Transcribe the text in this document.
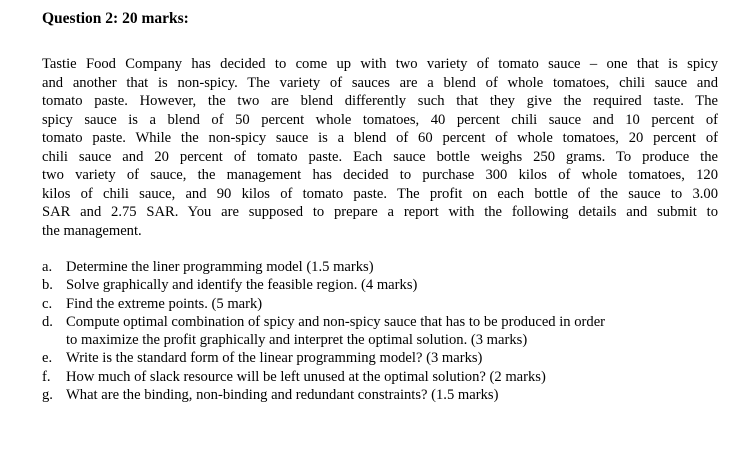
Question 2: 20 marks:
Tastie Food Company has decided to come up with two variety of tomato sauce – one that is spicy
and another that is non-spicy. The variety of sauces are a blend of whole tomatoes, chili sauce and
tomato paste. However, the two are blend differently such that they give the required taste. The
spicy sauce is a blend of 50 percent whole tomatoes, 40 percent chili sauce and 10 percent of
tomato paste. While the non-spicy sauce is a blend of 60 percent of whole tomatoes, 20 percent of
chili sauce and 20 percent of tomato paste. Each sauce bottle weighs 250 grams. To produce the
two variety of sauce, the management has decided to purchase 300 kilos of whole tomatoes, 120
kilos of chili sauce, and 90 kilos of tomato paste. The profit on each bottle of the sauce to 3.00
SAR and 2.75 SAR. You are supposed to prepare a report with the following details and submit to
the management.
a. Determine the liner programming model (1.5 marks)
b. Solve graphically and identify the feasible region. (4 marks)
c. Find the extreme points. (5 mark)
d. Compute optimal combination of spicy and non-spicy sauce that has to be produced in order
to maximize the profit graphically and interpret the optimal solution. (3 marks)
e. Write is the standard form of the linear programming model? (3 marks)
f. How much of slack resource will be left unused at the optimal solution? (2 marks)
g. What are the binding, non-binding and redundant constraints? (1.5 marks)
